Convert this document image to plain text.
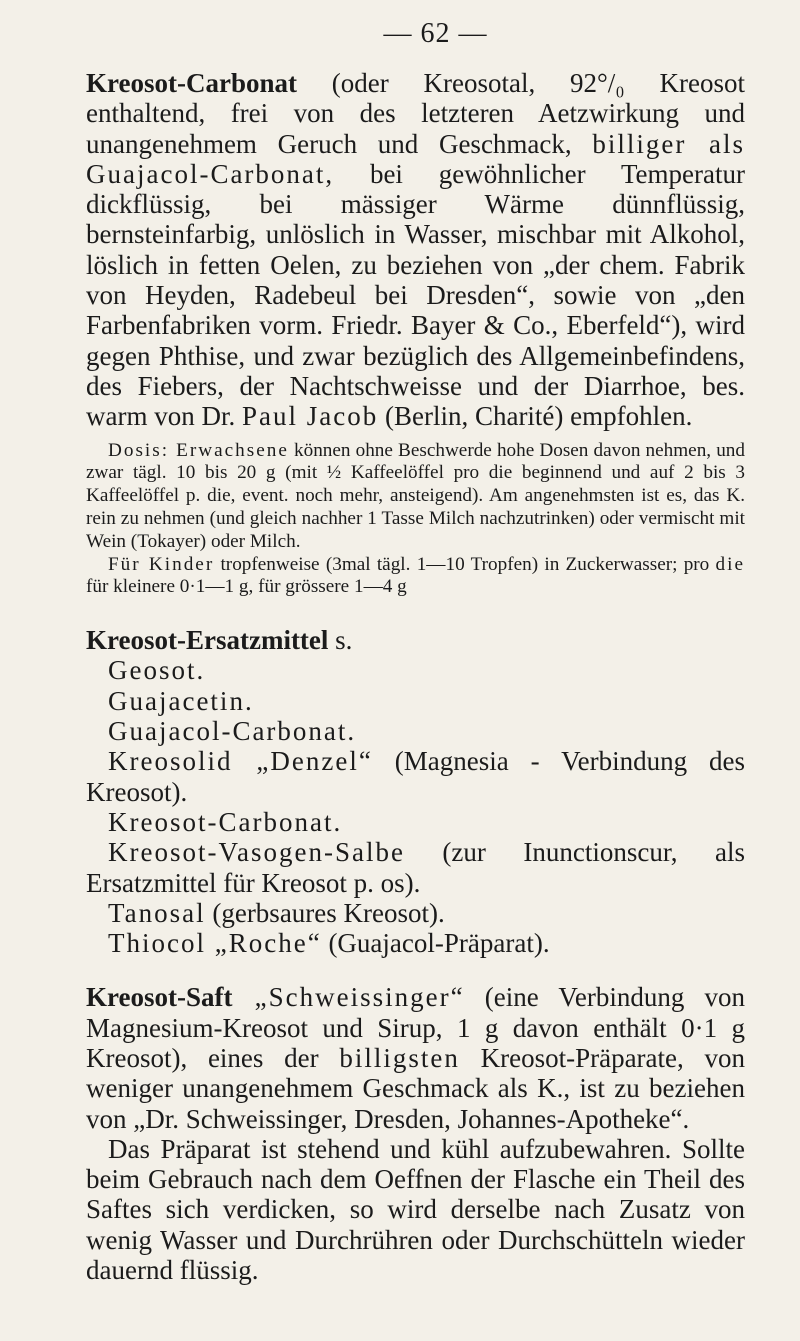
— 62 —

Kreosot-Carbonat (oder Kreosotal, 92°/₀ Kreosot enthaltend, frei von des letzteren Aetzwirkung und unangenehmem Geruch und Geschmack, billiger als Guajacol-Carbonat, bei gewöhnlicher Temperatur dickflüssig, bei mässiger Wärme dünnflüssig, bernsteinfarbig, unlöslich in Wasser, mischbar mit Alkohol, löslich in fetten Oelen, zu beziehen von „der chem. Fabrik von Heyden, Radebeul bei Dresden“, sowie von „den Farbenfabriken vorm. Friedr. Bayer & Co., Eberfeld“), wird gegen Phthise, und zwar bezüglich des Allgemeinbefindens, des Fiebers, der Nachtschweisse und der Diarrhoe, bes. warm von Dr. Paul Jacob (Berlin, Charité) empfohlen.

Dosis: Erwachsene können ohne Beschwerde hohe Dosen davon nehmen, und zwar tägl. 10 bis 20 g (mit ½ Kaffeelöffel pro die beginnend und auf 2 bis 3 Kaffeelöffel p. die, event. noch mehr, ansteigend). Am angenehmsten ist es, das K. rein zu nehmen (und gleich nachher 1 Tasse Milch nachzutrinken) oder vermischt mit Wein (Tokayer) oder Milch.

Für Kinder tropfenweise (3mal tägl. 1—10 Tropfen) in Zuckerwasser; pro die für kleinere 0·1—1 g, für grössere 1—4 g

Kreosot-Ersatzmittel s.

Geosot.

Guajacetin.

Guajacol-Carbonat.

Kreosolid „Denzel“ (Magnesia - Verbindung des Kreosot).

Kreosot-Carbonat.

Kreosot-Vasogen-Salbe (zur Inunctionscur, als Ersatzmittel für Kreosot p. os).

Tanosal (gerbsaures Kreosot).

Thiocol „Roche“ (Guajacol-Präparat).

Kreosot-Saft „Schweissinger“ (eine Verbindung von Magnesium-Kreosot und Sirup, 1 g davon enthält 0·1 g Kreosot), eines der billigsten Kreosot-Präparate, von weniger unangenehmem Geschmack als K., ist zu beziehen von „Dr. Schweissinger, Dresden, Johannes-Apotheke“.

Das Präparat ist stehend und kühl aufzubewahren. Sollte beim Gebrauch nach dem Oeffnen der Flasche ein Theil des Saftes sich verdicken, so wird derselbe nach Zusatz von wenig Wasser und Durchrühren oder Durchschütteln wieder dauernd flüssig.
